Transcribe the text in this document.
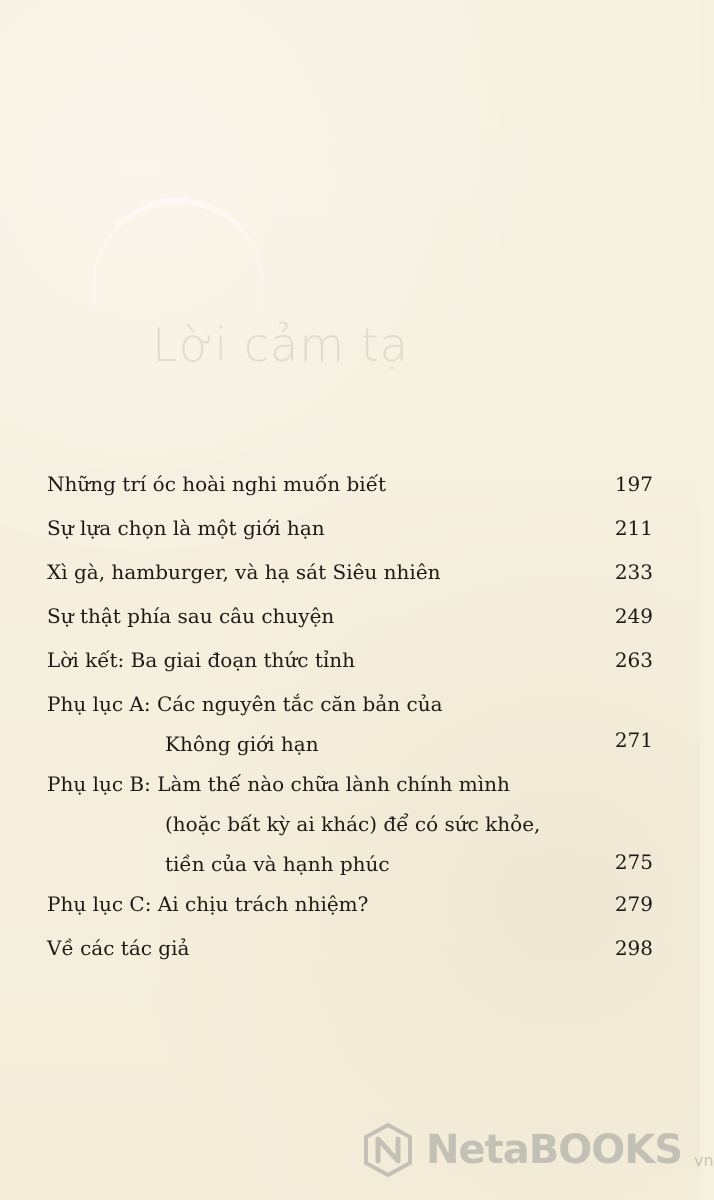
Lời cảm tạ
Những trí óc hoài nghi muốn biết	197
Sự lựa chọn là một giới hạn	211
Xì gà, hamburger, và hạ sát Siêu nhiên	233
Sự thật phía sau câu chuyện	249
Lời kết: Ba giai đoạn thức tỉnh	263
Phụ lục A: Các nguyên tắc căn bản của
Không giới hạn	271
Phụ lục B: Làm thế nào chữa lành chính mình
(hoặc bất kỳ ai khác) để có sức khỏe,
tiền của và hạnh phúc	275
Phụ lục C: Ai chịu trách nhiệm?	279
Về các tác giả	298
NetaBOOKS vn
